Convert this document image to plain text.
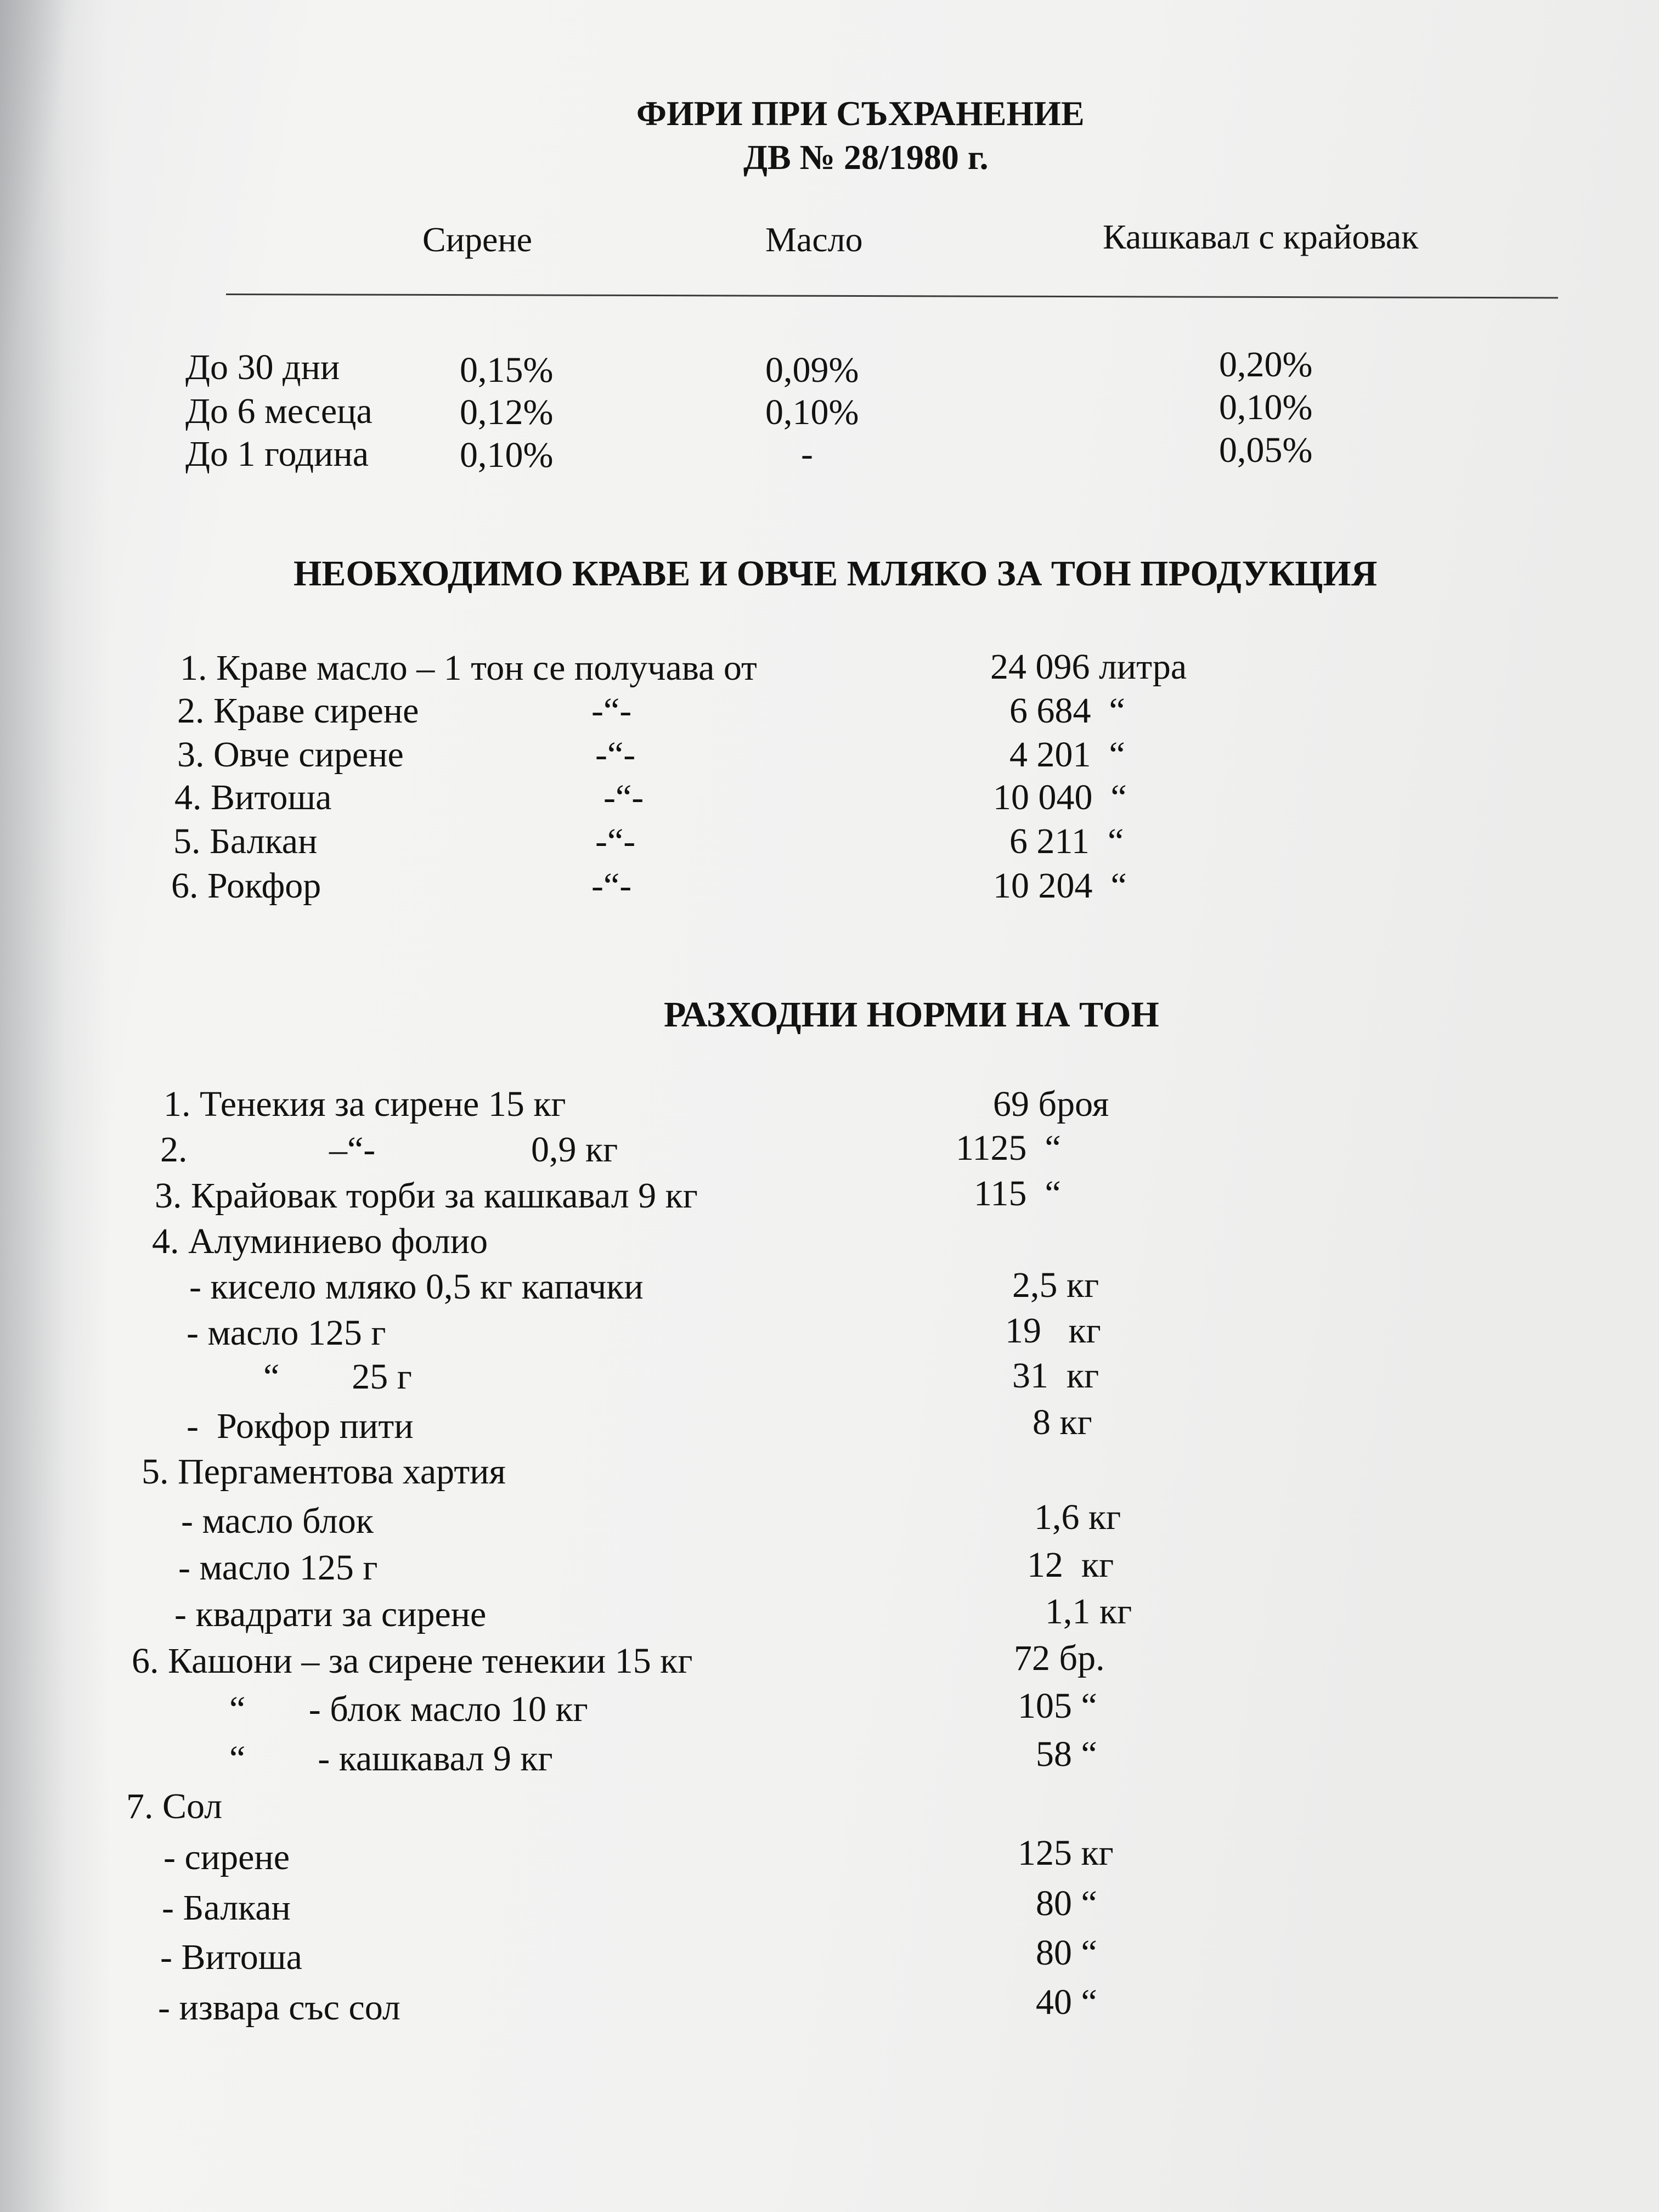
ФИРИ ПРИ СЪХРАНЕНИЕ
ДВ № 28/1980 г.
Сирене	Масло	Кашкавал с крайовак
До 30 дни	0,15%	0,09%	0,20%
До 6 месеца 0,12%	0,10%	0,10%
До 1 година	0,10%	-	0,05%
НЕОБХОДИМО КРАВЕ И ОВЧЕ МЛЯКО ЗА ТОН ПРОДУКЦИЯ
1. Краве масло – 1 тон се получава от	24 096 литра
2. Краве сирене	-“-	6 684  “
3. Овче сирене	-“-	4 201  “
4. Витоша	-“-	10 040  “
5. Балкан	-“-	6 211  “
6. Рокфор	-“-	10 204  “
РАЗХОДНИ НОРМИ НА ТОН
1. Тенекия за сирене 15 кг	69 броя
2.	–“-	0,9 кг	1125  “
3. Крайовак торби за кашкавал 9 кг	115  “
4. Алуминиево фолио
- кисело мляко 0,5 кг капачки	2,5 кг
- масло 125 г	19   кг
“        25 г	31  кг
-  Рокфор пити	8 кг
5. Пергаментова хартия
- масло блок	1,6 кг
- масло 125 г	12  кг
- квадрати за сирене	1,1 кг
6. Кашони – за сирене тенекии 15 кг	72 бр.
“       - блок масло 10 кг	105 “
“        - кашкавал 9 кг	58 “
7. Сол
- сирене	125 кг
- Балкан	80 “
- Витоша	80 “
- извара със сол	40 “
